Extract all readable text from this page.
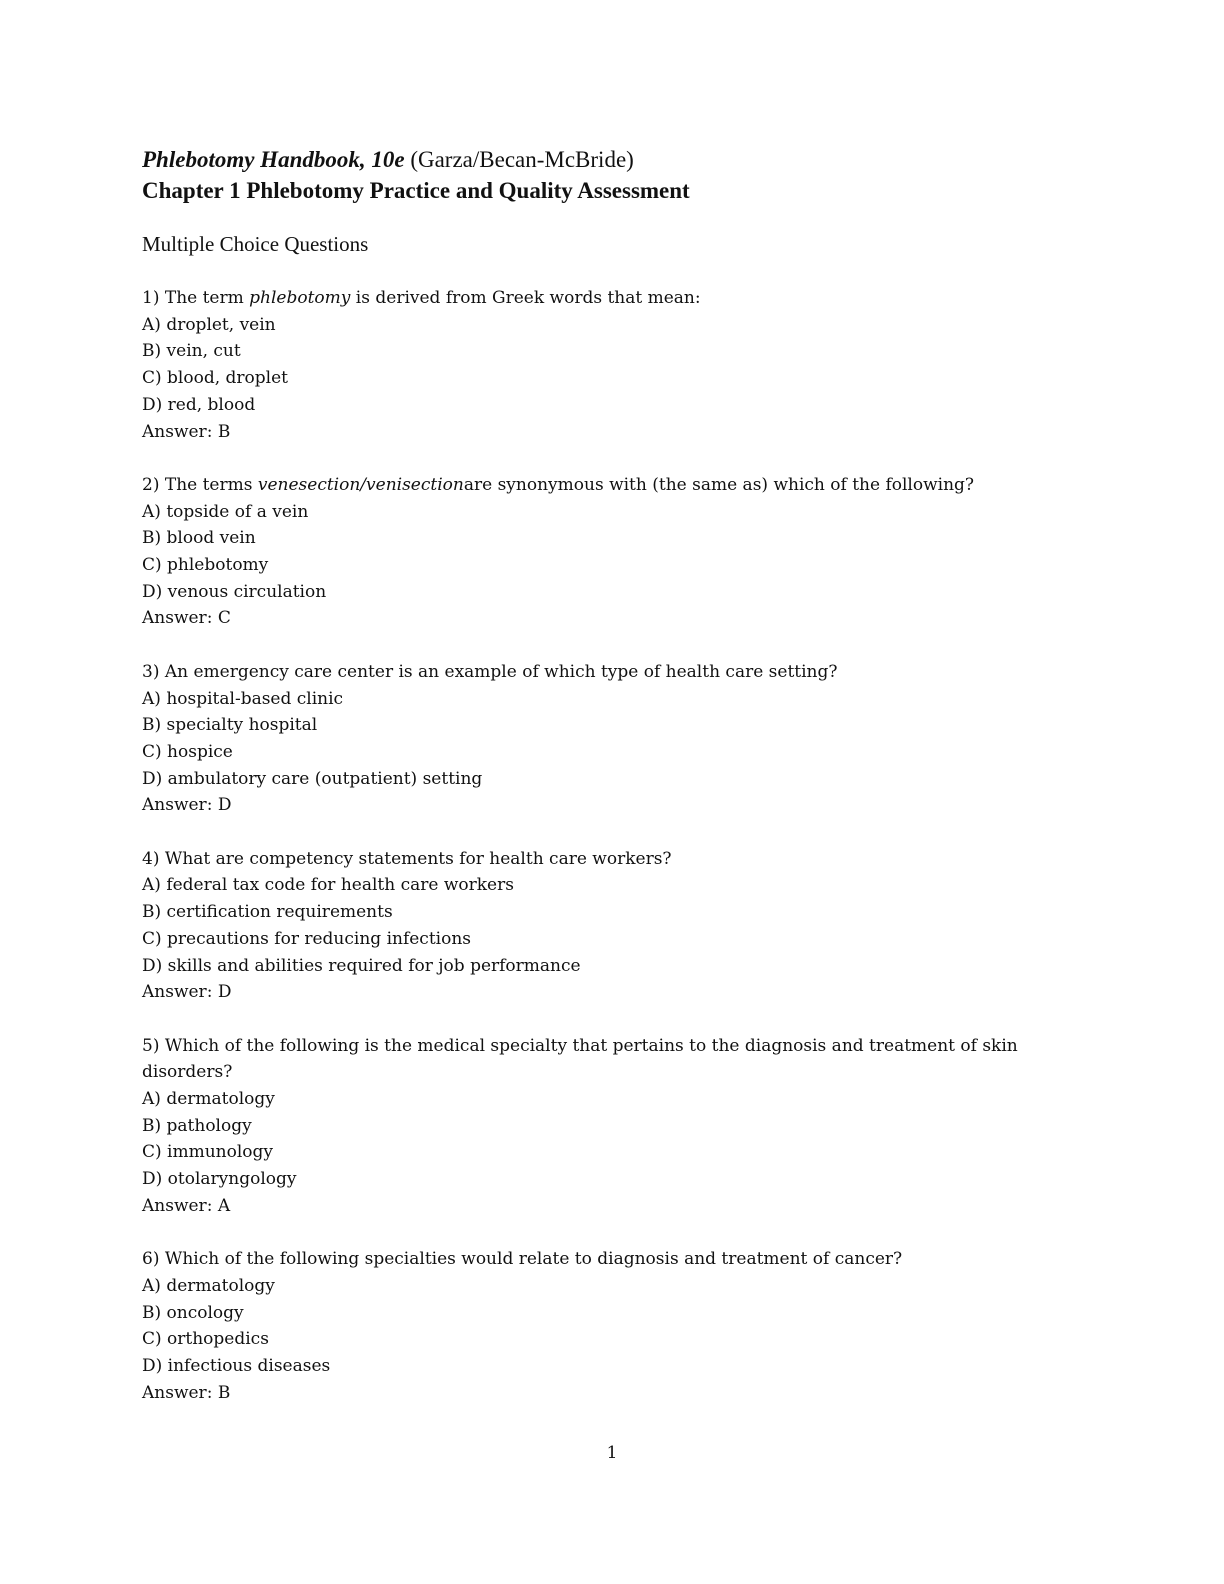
Phlebotomy Handbook, 10e (Garza/Becan-McBride)
Chapter 1 Phlebotomy Practice and Quality Assessment
Multiple Choice Questions
1) The term phlebotomy is derived from Greek words that mean:
A) droplet, vein
B) vein, cut
C) blood, droplet
D) red, blood
Answer: B
2) The terms venesection/venisectionare synonymous with (the same as) which of the following?
A) topside of a vein
B) blood vein
C) phlebotomy
D) venous circulation
Answer: C
3) An emergency care center is an example of which type of health care setting?
A) hospital-based clinic
B) specialty hospital
C) hospice
D) ambulatory care (outpatient) setting
Answer: D
4) What are competency statements for health care workers?
A) federal tax code for health care workers
B) certification requirements
C) precautions for reducing infections
D) skills and abilities required for job performance
Answer: D
5) Which of the following is the medical specialty that pertains to the diagnosis and treatment of skin disorders?
A) dermatology
B) pathology
C) immunology
D) otolaryngology
Answer: A
6) Which of the following specialties would relate to diagnosis and treatment of cancer?
A) dermatology
B) oncology
C) orthopedics
D) infectious diseases
Answer: B
1
